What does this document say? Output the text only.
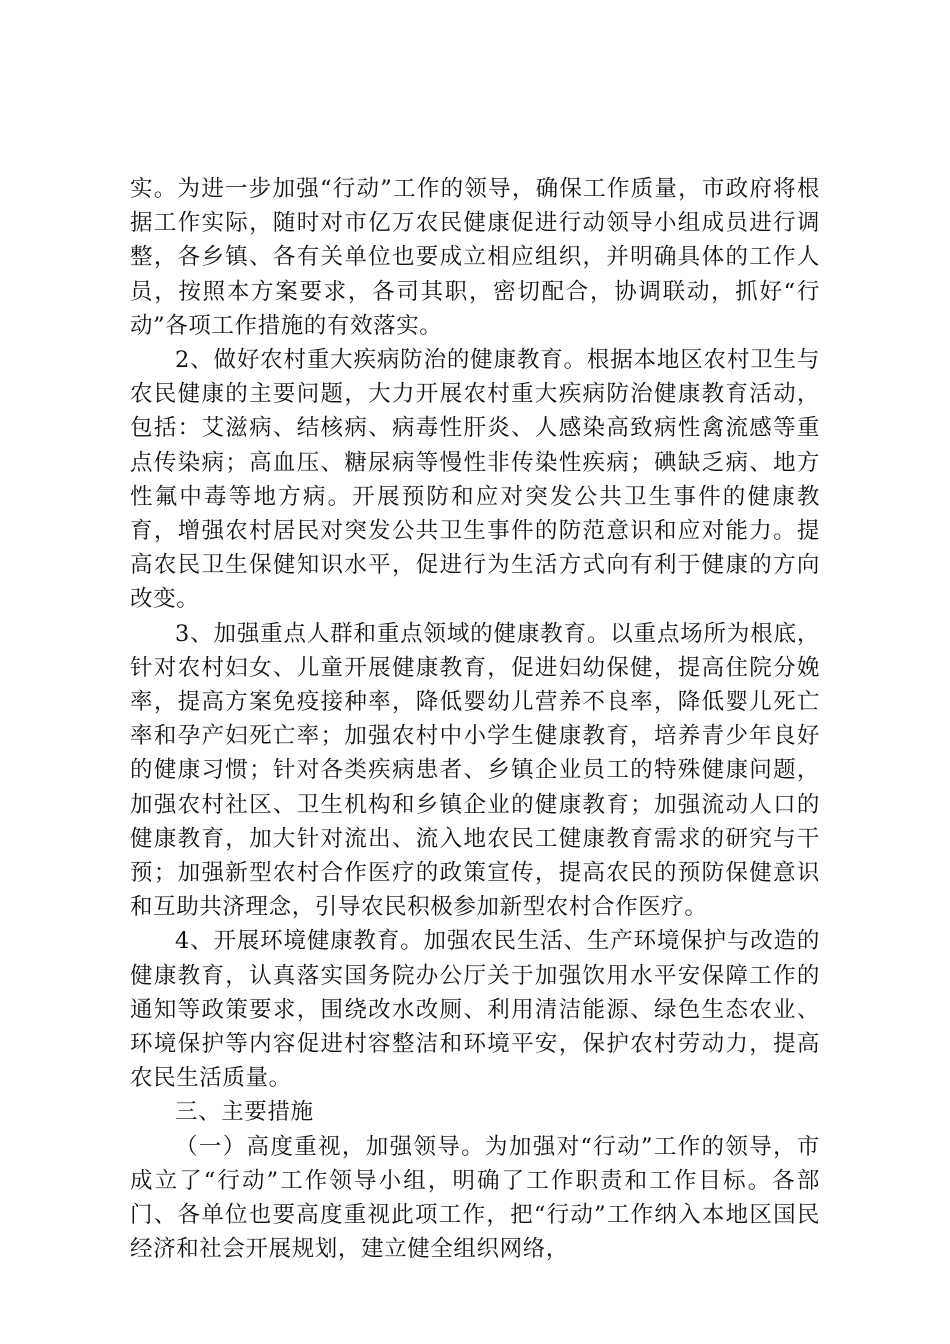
实。为进一步加强“行动”工作的领导，确保工作质量，市政府将根据工作实际，随时对市亿万农民健康促进行动领导小组成员进行调整，各乡镇、各有关单位也要成立相应组织，并明确具体的工作人员，按照本方案要求，各司其职，密切配合，协调联动，抓好“行动”各项工作措施的有效落实。

2、做好农村重大疾病防治的健康教育。根据本地区农村卫生与农民健康的主要问题，大力开展农村重大疾病防治健康教育活动，包括：艾滋病、结核病、病毒性肝炎、人感染高致病性禽流感等重点传染病；高血压、糖尿病等慢性非传染性疾病；碘缺乏病、地方性氟中毒等地方病。开展预防和应对突发公共卫生事件的健康教育，增强农村居民对突发公共卫生事件的防范意识和应对能力。提高农民卫生保健知识水平，促进行为生活方式向有利于健康的方向改变。

3、加强重点人群和重点领域的健康教育。以重点场所为根底，针对农村妇女、儿童开展健康教育，促进妇幼保健，提高住院分娩率，提高方案免疫接种率，降低婴幼儿营养不良率，降低婴儿死亡率和孕产妇死亡率；加强农村中小学生健康教育，培养青少年良好的健康习惯；针对各类疾病患者、乡镇企业员工的特殊健康问题，加强农村社区、卫生机构和乡镇企业的健康教育；加强流动人口的健康教育，加大针对流出、流入地农民工健康教育需求的研究与干预；加强新型农村合作医疗的政策宣传，提高农民的预防保健意识和互助共济理念，引导农民积极参加新型农村合作医疗。

4、开展环境健康教育。加强农民生活、生产环境保护与改造的健康教育，认真落实国务院办公厅关于加强饮用水平安保障工作的通知等政策要求，围绕改水改厕、利用清洁能源、绿色生态农业、环境保护等内容促进村容整洁和环境平安，保护农村劳动力，提高农民生活质量。

三、主要措施

（一）高度重视，加强领导。为加强对“行动”工作的领导，市成立了“行动”工作领导小组，明确了工作职责和工作目标。各部门、各单位也要高度重视此项工作，把“行动”工作纳入本地区国民经济和社会开展规划，建立健全组织网络，
